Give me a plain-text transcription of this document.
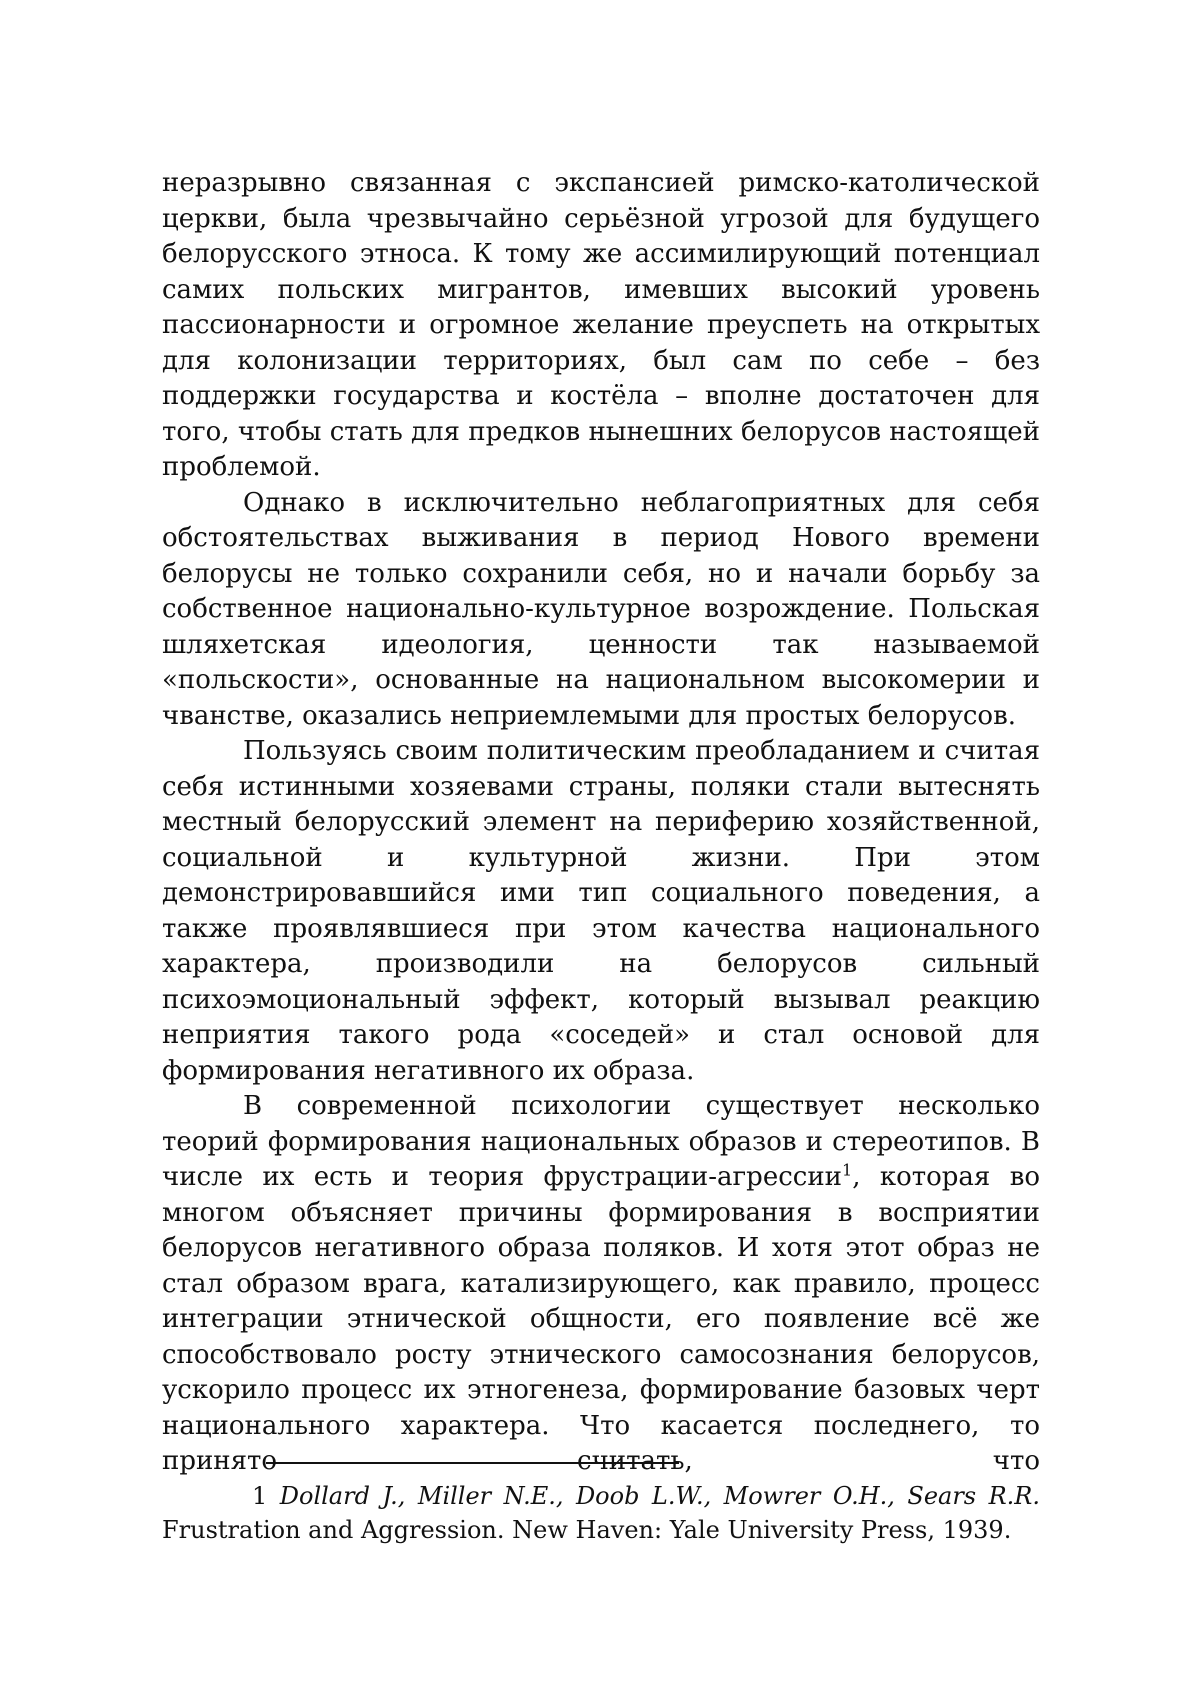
неразрывно связанная с экспансией римско-католической церкви, была чрезвычайно серьёзной угрозой для будущего белорусского этноса. К тому же ассимилирующий потенциал самих польских мигрантов, имевших высокий уровень пассионарности и огромное желание преуспеть на открытых для колонизации территориях, был сам по себе – без поддержки государства и костёла – вполне достаточен для того, чтобы стать для предков нынешних белорусов настоящей проблемой.

Однако в исключительно неблагоприятных для себя обстоятельствах выживания в период Нового времени белорусы не только сохранили себя, но и начали борьбу за собственное национально-культурное возрождение. Польская шляхетская идеология, ценности так называемой «польскости», основанные на национальном высокомерии и чванстве, оказались неприемлемыми для простых белорусов.

Пользуясь своим политическим преобладанием и считая себя истинными хозяевами страны, поляки стали вытеснять местный белорусский элемент на периферию хозяйственной, социальной и культурной жизни. При этом демонстрировавшийся ими тип социального поведения, а также проявлявшиеся при этом качества национального характера, производили на белорусов сильный психоэмоциональный эффект, который вызывал реакцию неприятия такого рода «соседей» и стал основой для формирования негативного их образа.

В современной психологии существует несколько теорий формирования национальных образов и стереотипов. В числе их есть и теория фрустрации-агрессии$^1$, которая во многом объясняет причины формирования в восприятии белорусов негативного образа поляков. И хотя этот образ не стал образом врага, катализирующего, как правило, процесс интеграции этнической общности, его появление всё же способствовало росту этнического самосознания белорусов, ускорило процесс их этногенеза, формирование базовых черт национального характера. Что касается последнего, то принято считать, что

1 Dollard J., Miller N.E., Doob L.W., Mowrer O.H., Sears R.R. Frustration and Aggression. New Haven: Yale University Press, 1939.
